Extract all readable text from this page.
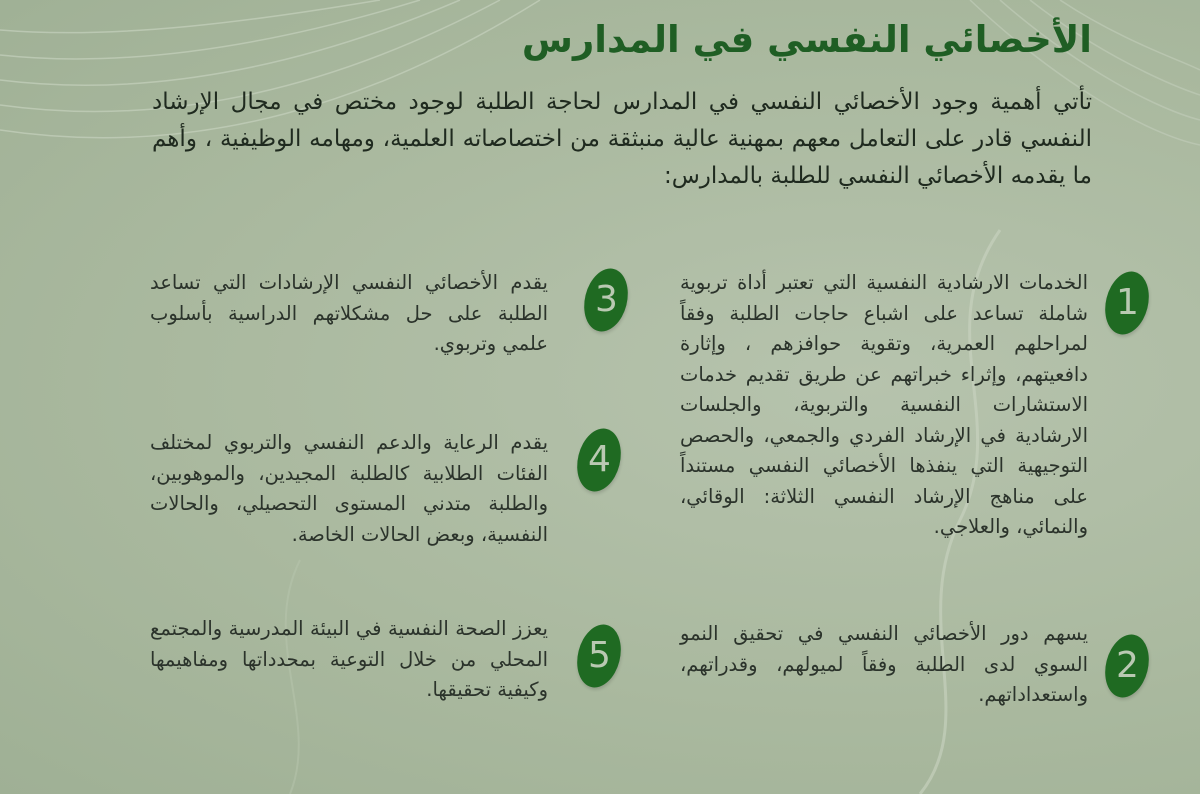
الأخصائي النفسي في المدارس

تأتي أهمية وجود الأخصائي النفسي في المدارس لحاجة الطلبة لوجود مختص في مجال الإرشاد النفسي قادر على التعامل معهم بمهنية عالية منبثقة من اختصاصاته العلمية، ومهامه الوظيفية ، وأهم ما يقدمه الأخصائي النفسي للطلبة بالمدارس:

1

الخدمات الارشادية النفسية التي تعتبر أداة تربوية شاملة تساعد على اشباع حاجات الطلبة وفقاً لمراحلهم العمرية، وتقوية حوافزهم ، وإثارة دافعيتهم، وإثراء خبراتهم عن طريق تقديم خدمات الاستشارات النفسية والتربوية، والجلسات الارشادية في الإرشاد الفردي والجمعي، والحصص التوجيهية التي ينفذها الأخصائي النفسي مستنداً على مناهج الإرشاد النفسي الثلاثة: الوقائي، والنمائي، والعلاجي.

2

يسهم دور الأخصائي النفسي في تحقيق النمو السوي لدى الطلبة وفقاً لميولهم، وقدراتهم، واستعداداتهم.

3

يقدم الأخصائي النفسي الإرشادات التي تساعد الطلبة على حل مشكلاتهم الدراسية بأسلوب علمي وتربوي.

4

يقدم الرعاية والدعم النفسي والتربوي لمختلف الفئات الطلابية كالطلبة المجيدين، والموهوبين، والطلبة متدني المستوى التحصيلي، والحالات النفسية، وبعض الحالات الخاصة.

5

يعزز الصحة النفسية في البيئة المدرسية والمجتمع المحلي من خلال التوعية بمحدداتها ومفاهيمها وكيفية تحقيقها.
